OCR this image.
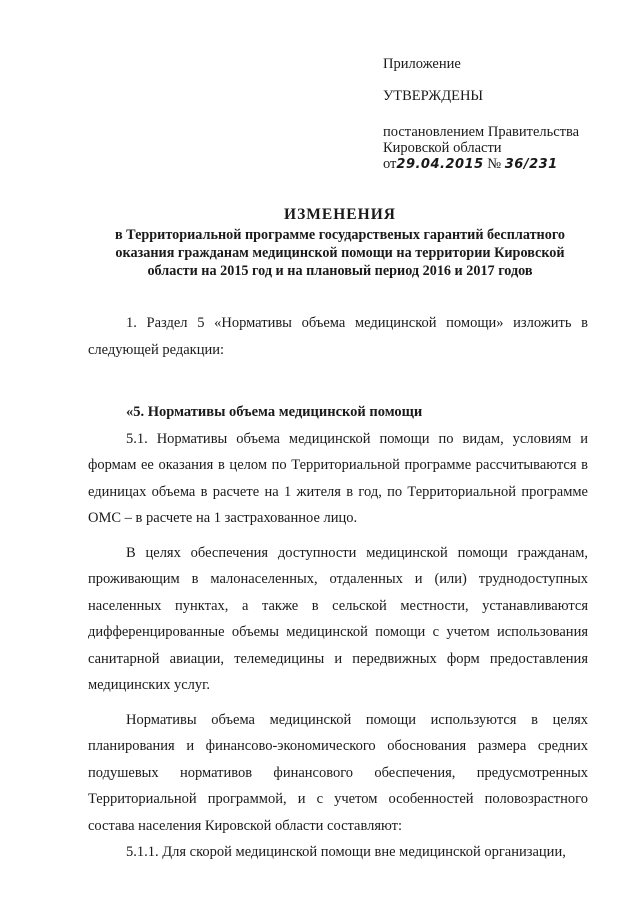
Приложение
УТВЕРЖДЕНЫ
постановлением Правительства
Кировской области
от29.04.2015 № 36/231
ИЗМЕНЕНИЯ
в Территориальной программе государственых гарантий бесплатного
оказания гражданам медицинской помощи на территории Кировской
области на 2015 год и на плановый период 2016 и 2017 годов

1. Раздел 5 «Нормативы объема медицинской помощи» изложить в следующей редакции:

«5. Нормативы объема медицинской помощи

5.1. Нормативы объема медицинской помощи по видам, условиям и формам ее оказания в целом по Территориальной программе рассчитываются в единицах объема в расчете на 1 жителя в год, по Территориальной программе ОМС – в расчете на 1 застрахованное лицо.

В целях обеспечения доступности медицинской помощи гражданам, проживающим в малонаселенных, отдаленных и (или) труднодоступных населенных пунктах, а также в сельской местности, устанавливаются дифференцированные объемы медицинской помощи с учетом использования санитарной авиации, телемедицины и передвижных форм предоставления медицинских услуг.

Нормативы объема медицинской помощи используются в целях планирования и финансово-экономического обоснования размера средних подушевых нормативов финансового обеспечения, предусмотренных Территориальной программой, и с учетом особенностей половозрастного состава населения Кировской области составляют:

5.1.1. Для скорой медицинской помощи вне медицинской организации,
